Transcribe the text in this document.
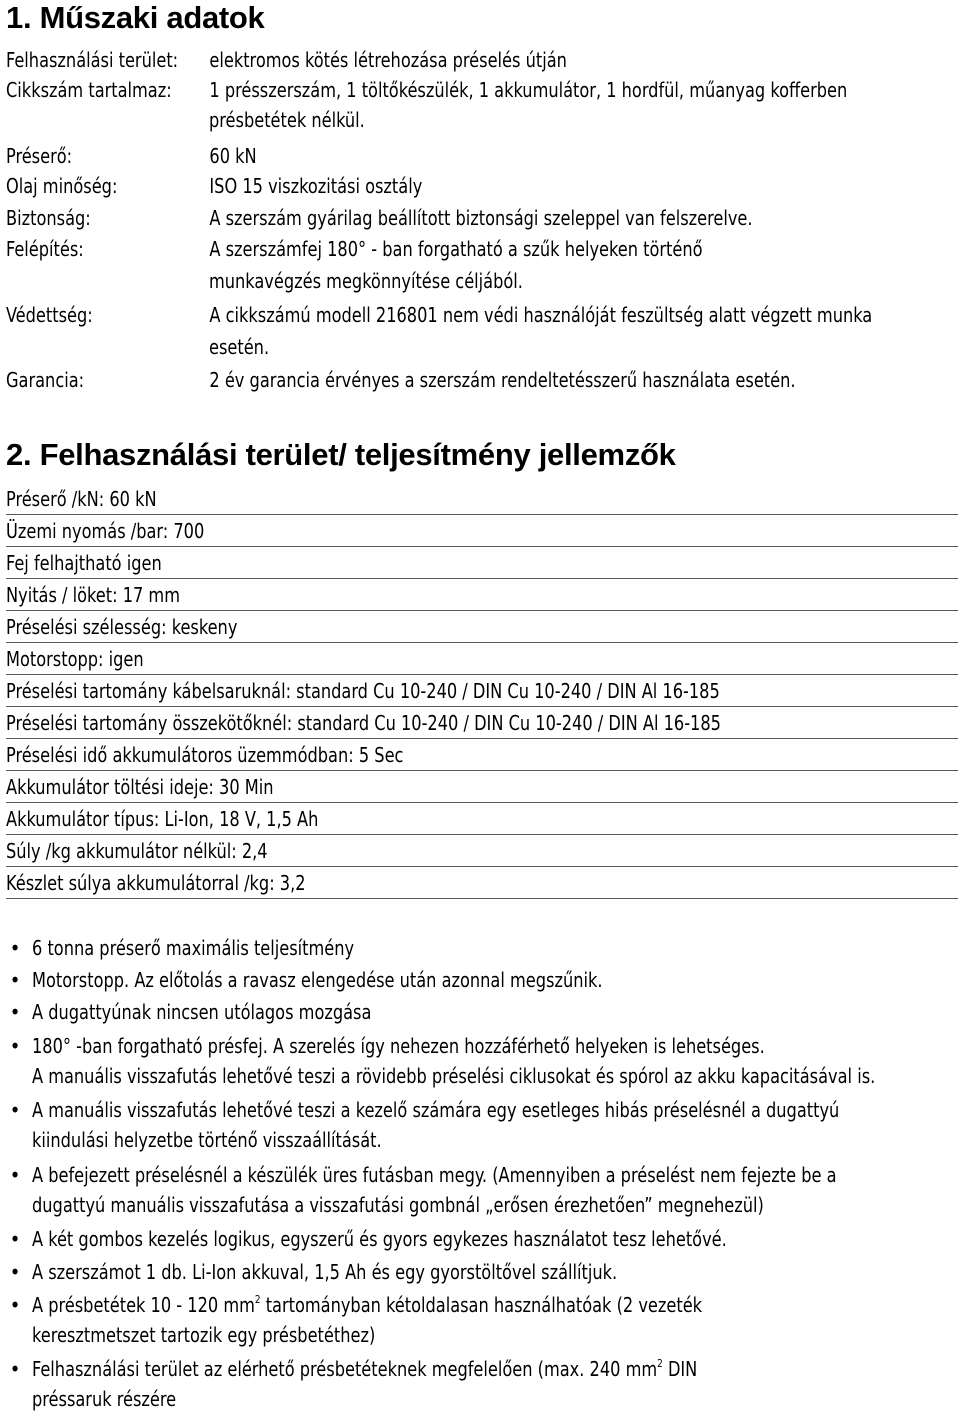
1. Műszaki adatok
Felhasználási terület: elektromos kötés létrehozása préselés útján
Cikkszám tartalmaz: 1 présszerszám, 1 töltőkészülék, 1 akkumulátor, 1 hordfül, műanyag kofferben
présbetétek nélkül.
Préserő:	60 kN
Olaj minőség:	ISO 15 viszkozitási osztály
Biztonság:	A szerszám gyárilag beállított biztonsági szeleppel van felszerelve.
Felépítés:	A szerszámfej 180° - ban forgatható a szűk helyeken történő
munkavégzés megkönnyítése céljából.
Védettség:	A cikkszámú modell 216801 nem védi használóját feszültség alatt végzett munka
esetén.
Garancia:	2 év garancia érvényes a szerszám rendeltetésszerű használata esetén.
2. Felhasználási terület/ teljesítmény jellemzők
Préserő /kN: 60 kN
Üzemi nyomás /bar: 700
Fej felhajtható igen
Nyitás / löket: 17 mm
Préselési szélesség: keskeny
Motorstopp: igen
Préselési tartomány kábelsaruknál: standard Cu 10-240 / DIN Cu 10-240 / DIN Al 16-185
Préselési tartomány összekötőknél: standard Cu 10-240 / DIN Cu 10-240 / DIN Al 16-185
Préselési idő akkumulátoros üzemmódban: 5 Sec
Akkumulátor töltési ideje: 30 Min
Akkumulátor típus: Li-Ion, 18 V, 1,5 Ah
Súly /kg akkumulátor nélkül: 2,4
Készlet súlya akkumulátorral /kg: 3,2
• 6 tonna préserő maximális teljesítmény
• Motorstopp. Az előtolás a ravasz elengedése után azonnal megszűnik.
• A dugattyúnak nincsen utólagos mozgása
• 180° -ban forgatható présfej. A szerelés így nehezen hozzáférhető helyeken is lehetséges.
A manuális visszafutás lehetővé teszi a rövidebb préselési ciklusokat és spórol az akku kapacitásával is.
• A manuális visszafutás lehetővé teszi a kezelő számára egy esetleges hibás préselésnél a dugattyú
kiindulási helyzetbe történő visszaállítását.
• A befejezett préselésnél a készülék üres futásban megy. (Amennyiben a préselést nem fejezte be a
dugattyú manuális visszafutása a visszafutási gombnál „erősen érezhetően” megnehezül)
• A két gombos kezelés logikus, egyszerű és gyors egykezes használatot tesz lehetővé.
• A szerszámot 1 db. Li-Ion akkuval, 1,5 Ah és egy gyorstöltővel szállítjuk.
• A présbetétek 10 - 120 $mm^2$ tartományban kétoldalasan használhatóak (2 vezeték
keresztmetszet tartozik egy présbetéthez)
• Felhasználási terület az elérhető présbetéteknek megfelelően (max. 240 $mm^2$ DIN
préssaruk részére
